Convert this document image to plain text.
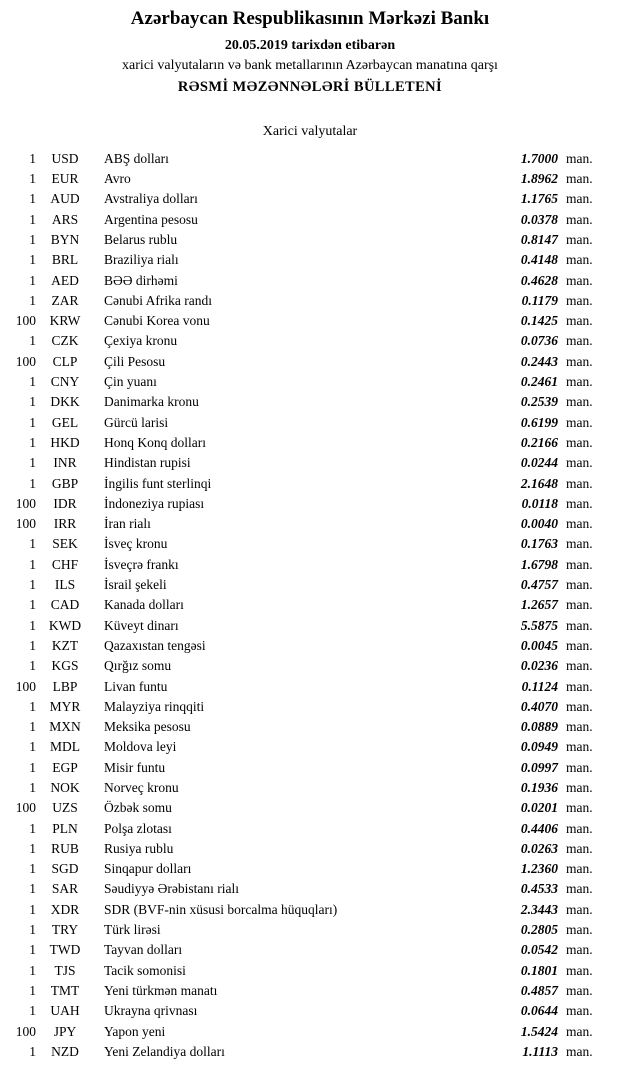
Azərbaycan Respublikasının Mərkəzi Bankı

20.05.2019 tarixdən etibarən

xarici valyutaların və bank metallarının Azərbaycan manatına qarşı

RƏSMİ MƏZƏNNƏLƏRİ BÜLLETENİ

Xarici valyutalar
1	USD	ABŞ dolları	1.7000 man.
1	EUR	Avro	1.8962 man.
1	AUD	Avstraliya dolları	1.1765 man.
1	ARS	Argentina pesosu	0.0378 man.
1	BYN	Belarus rublu	0.8147 man.
1	BRL	Braziliya rialı	0.4148 man.
1	AED	BƏƏ dirhəmi	0.4628 man.
1	ZAR	Cənubi Afrika randı	0.1179 man.
100	KRW	Cənubi Korea vonu	0.1425 man.
1	CZK	Çexiya kronu	0.0736 man.
100	CLP	Çili Pesosu	0.2443 man.
1	CNY	Çin yuanı	0.2461 man.
1	DKK	Danimarka kronu	0.2539 man.
1	GEL	Gürcü larisi	0.6199 man.
1	HKD	Honq Konq dolları	0.2166 man.
1	INR	Hindistan rupisi	0.0244 man.
1	GBP	İngilis funt sterlinqi	2.1648 man.
100	IDR	İndoneziya rupiası	0.0118 man.
100	IRR	İran rialı	0.0040 man.
1	SEK	İsveç kronu	0.1763 man.
1	CHF	İsveçrə frankı	1.6798 man.
1	ILS	İsrail şekeli	0.4757 man.
1	CAD	Kanada dolları	1.2657 man.
1 KWD	Küveyt dinarı	5.5875 man.
1	KZT	Qazaxıstan tengəsi	0.0045 man.
1	KGS	Qırğız somu	0.0236 man.
100	LBP	Livan funtu	0.1124 man.
1	MYR	Malayziya rinqqiti	0.4070 man.
1 MXN	Meksika pesosu	0.0889 man.
1	MDL	Moldova leyi	0.0949 man.
1	EGP	Misir funtu	0.0997 man.
1	NOK	Norveç kronu	0.1936 man.
100	UZS	Özbək somu	0.0201 man.
1	PLN	Polşa zlotası	0.4406 man.
1	RUB	Rusiya rublu	0.0263 man.
1	SGD	Sinqapur dolları	1.2360 man.
1	SAR	Səudiyyə Ərəbistanı rialı	0.4533 man.
1	XDR	SDR (BVF-nin xüsusi borcalma hüquqları)	2.3443 man.
1	TRY	Türk lirəsi	0.2805 man.
1	TWD	Tayvan dolları	0.0542 man.
1	TJS	Tacik somonisi	0.1801 man.
1	TMT	Yeni türkmən manatı	0.4857 man.
1	UAH	Ukrayna qrivnası	0.0644 man.
100	JPY	Yapon yeni	1.5424 man.
1	NZD	Yeni Zelandiya dolları	1.1113 man.
